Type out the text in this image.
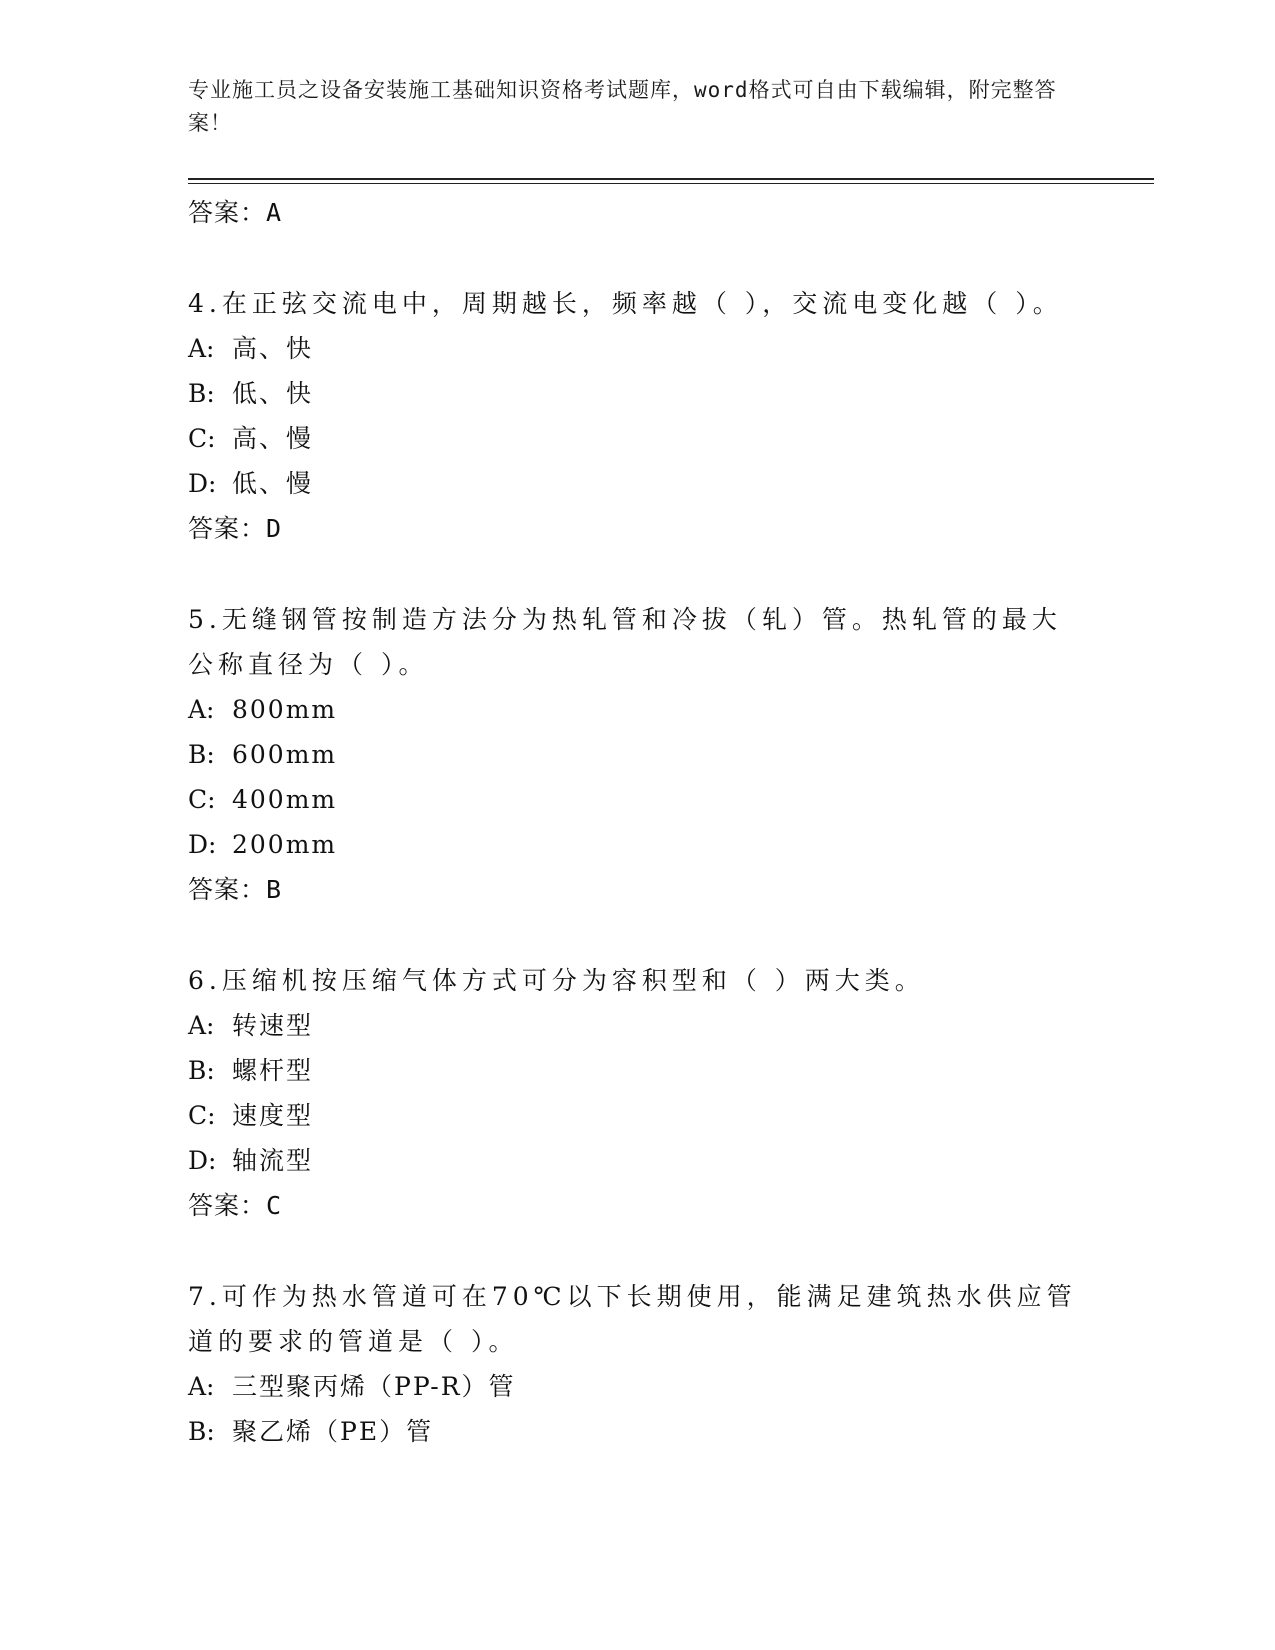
专业施工员之设备安装施工基础知识资格考试题库，word格式可自由下载编辑，附完整答案！
答案：A
4.在正弦交流电中，周期越长，频率越（ ），交流电变化越（ ）。
A: 高、快
B: 低、快
C: 高、慢
D: 低、慢
答案：D
5.无缝钢管按制造方法分为热轧管和冷拔（轧）管。热轧管的最大公称直径为（ ）。
A: 800mm
B: 600mm
C: 400mm
D: 200mm
答案：B
6.压缩机按压缩气体方式可分为容积型和（ ）两大类。
A: 转速型
B: 螺杆型
C: 速度型
D: 轴流型
答案：C
7.可作为热水管道可在70℃以下长期使用，能满足建筑热水供应管道的要求的管道是（ ）。
A: 三型聚丙烯（PP-R）管
B: 聚乙烯（PE）管
